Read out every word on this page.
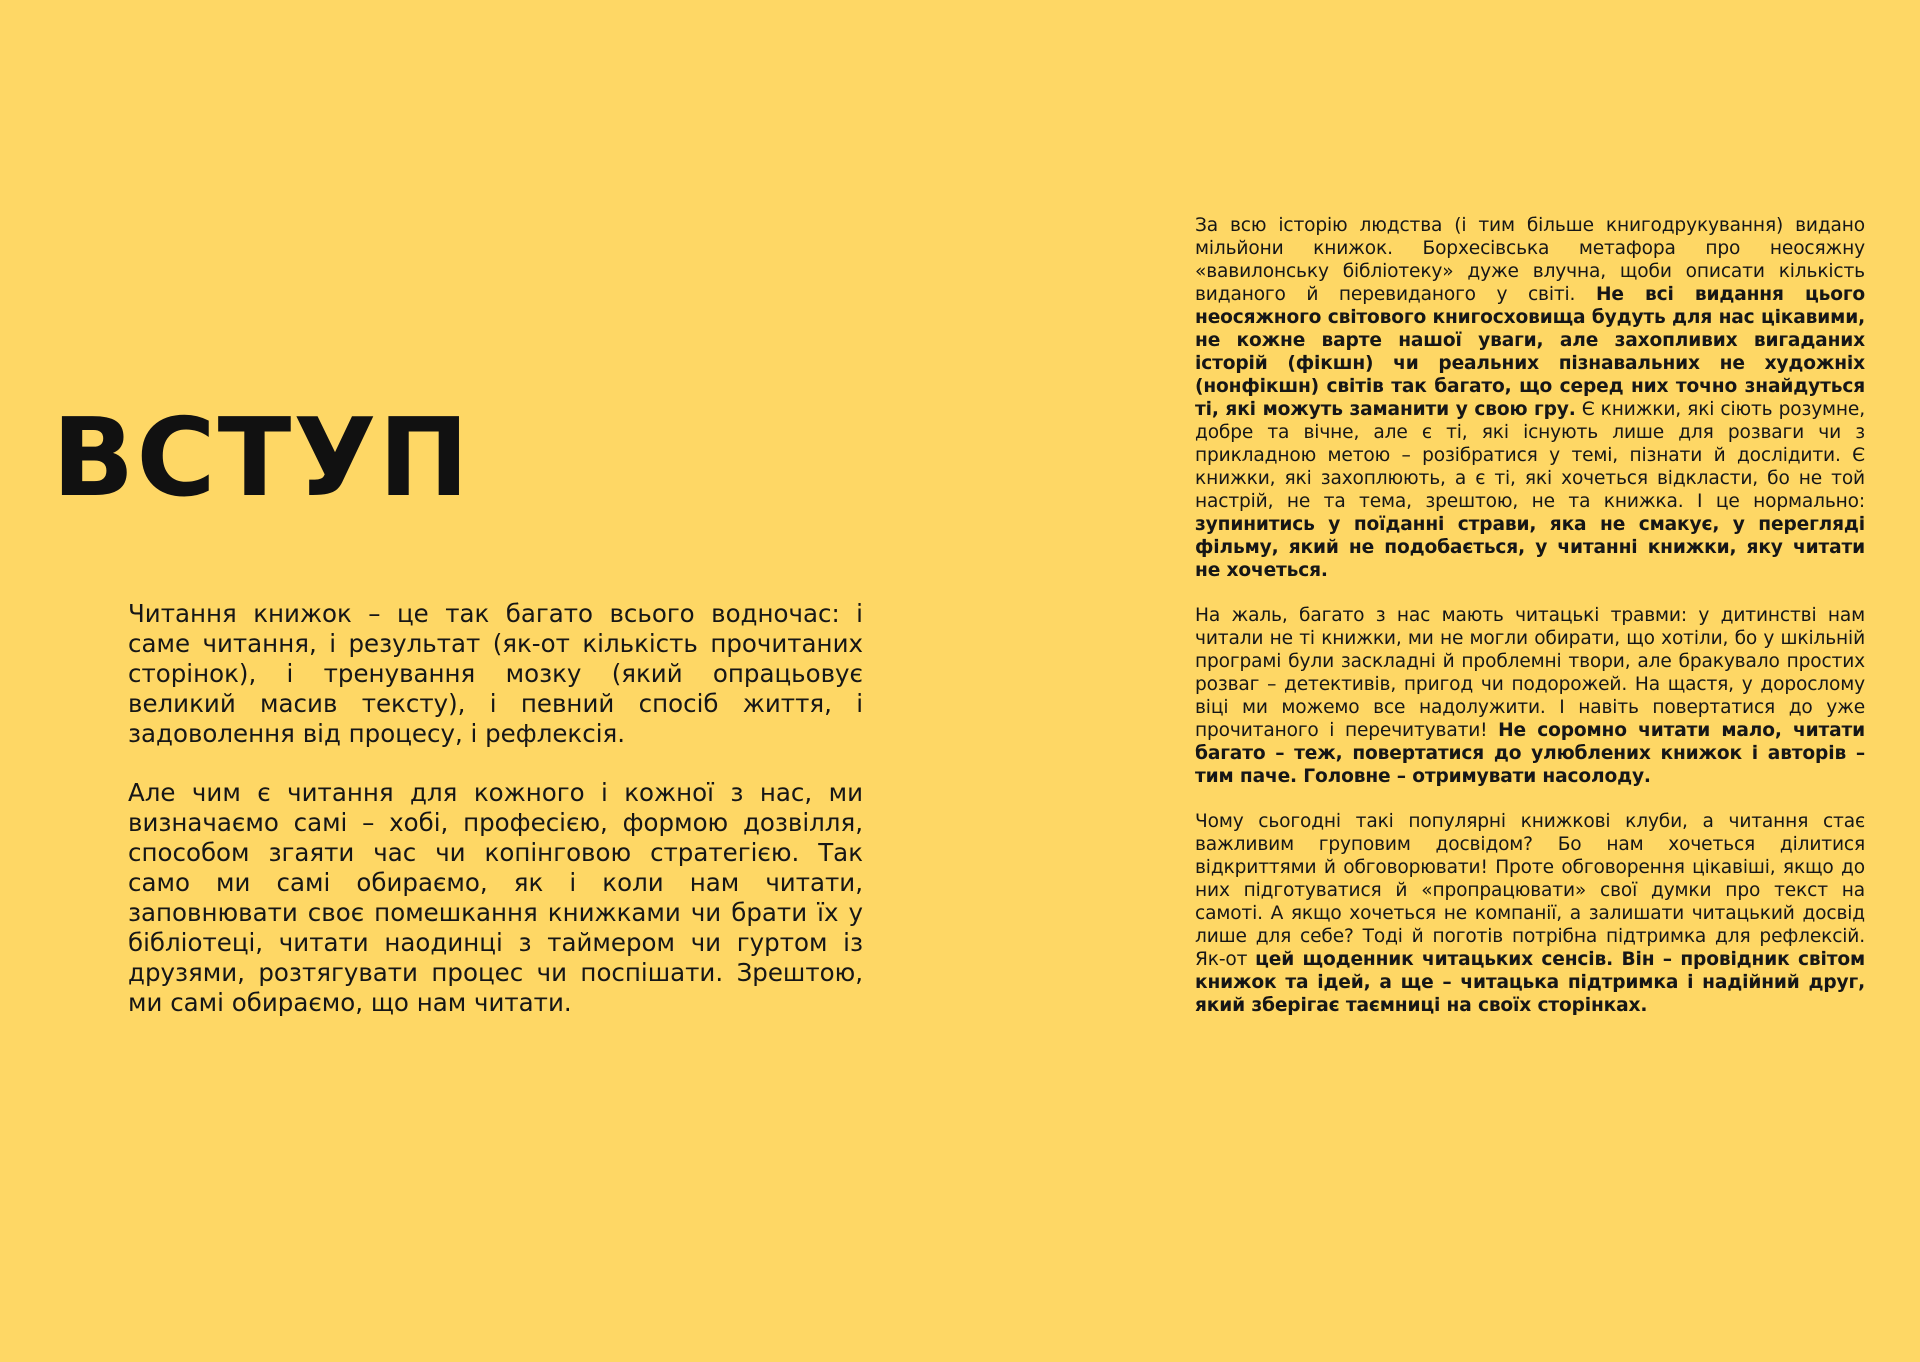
ВСТУП

Читання книжок – це так багато всього водночас: і саме читання, і результат (як-от кількість прочитаних сторінок), і тренування мозку (який опрацьовує великий масив тексту), і певний спосіб життя, і задоволення від процесу, і рефлексія.

Але чим є читання для кожного і кожної з нас, ми визначаємо самі – хобі, професією, формою дозвілля, способом згаяти час чи копінговою стратегією. Так само ми самі обираємо, як і коли нам читати, заповнювати своє помешкання книжками чи брати їх у бібліотеці, читати наодинці з таймером чи гуртом із друзями, розтягувати процес чи поспішати. Зрештою, ми самі обираємо, що нам читати.

За всю історію людства (і тим більше книгодрукування) видано мільйони книжок. Борхесівська метафора про неосяжну «вавилонську бібліотеку» дуже влучна, щоби описати кількість виданого й перевиданого у світі. Не всі видання цього неосяжного світового книгосховища будуть для нас цікавими, не кожне варте нашої уваги, але захопливих вигаданих історій (фікшн) чи реальних пізнавальних не художніх (нонфікшн) світів так багато, що серед них точно знайдуться ті, які можуть заманити у свою гру. Є книжки, які сіють розумне, добре та вічне, але є ті, які існують лише для розваги чи з прикладною метою – розібратися у темі, пізнати й дослідити. Є книжки, які захоплюють, а є ті, які хочеться відкласти, бо не той настрій, не та тема, зрештою, не та книжка. І це нормально: зупинитись у поїданні страви, яка не смакує, у перегляді фільму, який не подобається, у читанні книжки, яку читати не хочеться.

На жаль, багато з нас мають читацькі травми: у дитинстві нам читали не ті книжки, ми не могли обирати, що хотіли, бо у шкільній програмі були заскладні й проблемні твори, але бракувало простих розваг – детективів, пригод чи подорожей. На щастя, у дорослому віці ми можемо все надолужити. І навіть повертатися до уже прочитаного і перечитувати! Не соромно читати мало, читати багато – теж, повертатися до улюблених книжок і авторів – тим паче. Головне – отримувати насолоду.

Чому сьогодні такі популярні книжкові клуби, а читання стає важливим груповим досвідом? Бо нам хочеться ділитися відкриттями й обговорювати! Проте обговорення цікавіші, якщо до них підготуватися й «пропрацювати» свої думки про текст на самоті. А якщо хочеться не компанії, а залишати читацький досвід лише для себе? Тоді й поготів потрібна підтримка для рефлексій. Як-от цей щоденник читацьких сенсів. Він – провідник світом книжок та ідей, а ще – читацька підтримка і надійний друг, який зберігає таємниці на своїх сторінках.
